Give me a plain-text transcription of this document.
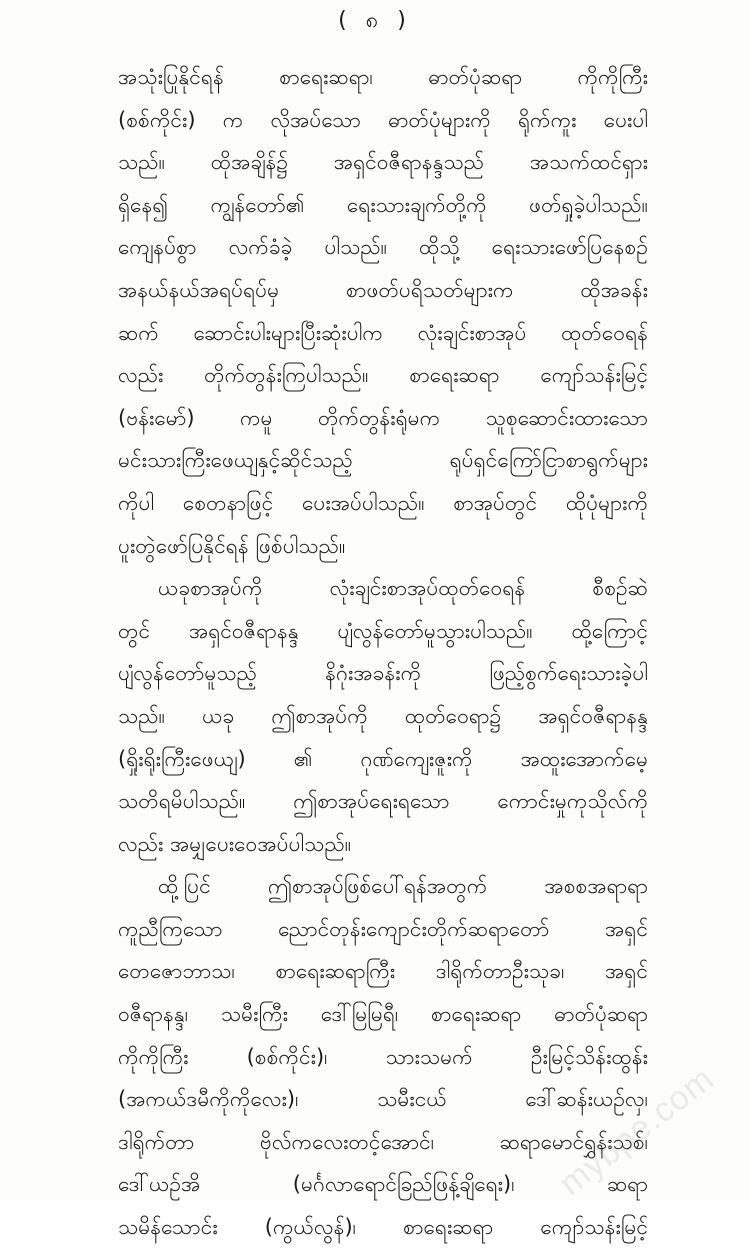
( ၈ )
အသုံးပြုနိုင်ရန် စာရေးဆရာ၊ ဓာတ်ပုံဆရာ ကိုကိုကြီး
(စစ်ကိုင်း) က လိုအပ်သော ဓာတ်ပုံများကို ရိုက်ကူး ပေးပါ
သည်။ ထိုအချိန်၌ အရှင်ဝဇီရာနန္ဒသည် အသက်ထင်ရှား
ရှိနေ၍ ကျွန်တော်၏ ရေးသားချက်တို့ကို ဖတ်ရှုခဲ့ပါသည်။
ကျေနပ်စွာ လက်ခံခဲ့ ပါသည်။ ထိုသို့ ရေးသားဖော်ပြနေစဉ်
အနယ်နယ်အရပ်ရပ်မှ စာဖတ်ပရိသတ်များက ထိုအခန်း
ဆက် ဆောင်းပါးများပြီးဆုံးပါက လုံးချင်းစာအုပ် ထုတ်ဝေရန်
လည်း တိုက်တွန်းကြပါသည်။ စာရေးဆရာ ကျော်သန်းမြင့်
(ဗန်းမော်) ကမူ တိုက်တွန်းရုံမက သူစုဆောင်းထားသော
မင်းသားကြီးဖေယျနှင့်ဆိုင်သည့် ရုပ်ရှင်ကြော်ငြာစာရွက်များ
ကိုပါ စေတနာဖြင့် ပေးအပ်ပါသည်။ စာအုပ်တွင် ထိုပုံများကို
ပူးတွဲဖော်ပြနိုင်ရန် ဖြစ်ပါသည်။
ယခုစာအုပ်ကို လုံးချင်းစာအုပ်ထုတ်ဝေရန် စီစဉ်ဆဲ
တွင် အရှင်ဝဇီရာနန္ဒ ပျံလွန်တော်မူသွားပါသည်။ ထို့ကြောင့်
ပျံလွန်တော်မူသည့် နိဂုံးအခန်းကို ဖြည့်စွက်ရေးသားခဲ့ပါ
သည်။ ယခု ဤစာအုပ်ကို ထုတ်ဝေရာ၌ အရှင်ဝဇီရာနန္ဒ
(ရှိုးရိုးကြီးဖေယျ) ၏ ဂုဏ်ကျေးဇူးကို အထူးအောက်မေ့
သတိရမိပါသည်။ ဤစာအုပ်ရေးရသော ကောင်းမှုကုသိုလ်ကို
လည်း အမျှပေးဝေအပ်ပါသည်။
ထို့ပြင် ဤစာအုပ်ဖြစ်ပေါ်ရန်အတွက် အစစအရာရာ
ကူညီကြသော ညောင်တုန်းကျောင်းတိုက်ဆရာတော် အရှင်
တေဇောဘာသ၊ စာရေးဆရာကြီး ဒါရိုက်တာဦးသုခ၊ အရှင်
ဝဇီရာနန္ဒ၊ သမီးကြီး ဒေါ်မြမြရီ၊ စာရေးဆရာ ဓာတ်ပုံဆရာ
ကိုကိုကြီး (စစ်ကိုင်း)၊ သားသမက် ဦးမြင့်သိန်းထွန်း
(အကယ်ဒမီကိုကိုလေး)၊ သမီးငယ် ဒေါ်ဆန်းယဉ်လှ၊
ဒါရိုက်တာ ဗိုလ်ကလေးတင့်အောင်၊ ဆရာမောင်ရွှန်းသစ်၊
ဒေါ်ယဉ်အိ (မင်္ဂလာရောင်ခြည်ဖြန့်ချိရေး)၊ ဆရာ
သမိန်သောင်း (ကွယ်လွန်)၊ စာရေးဆရာ ကျော်သန်းမြင့်
mybpe.com
